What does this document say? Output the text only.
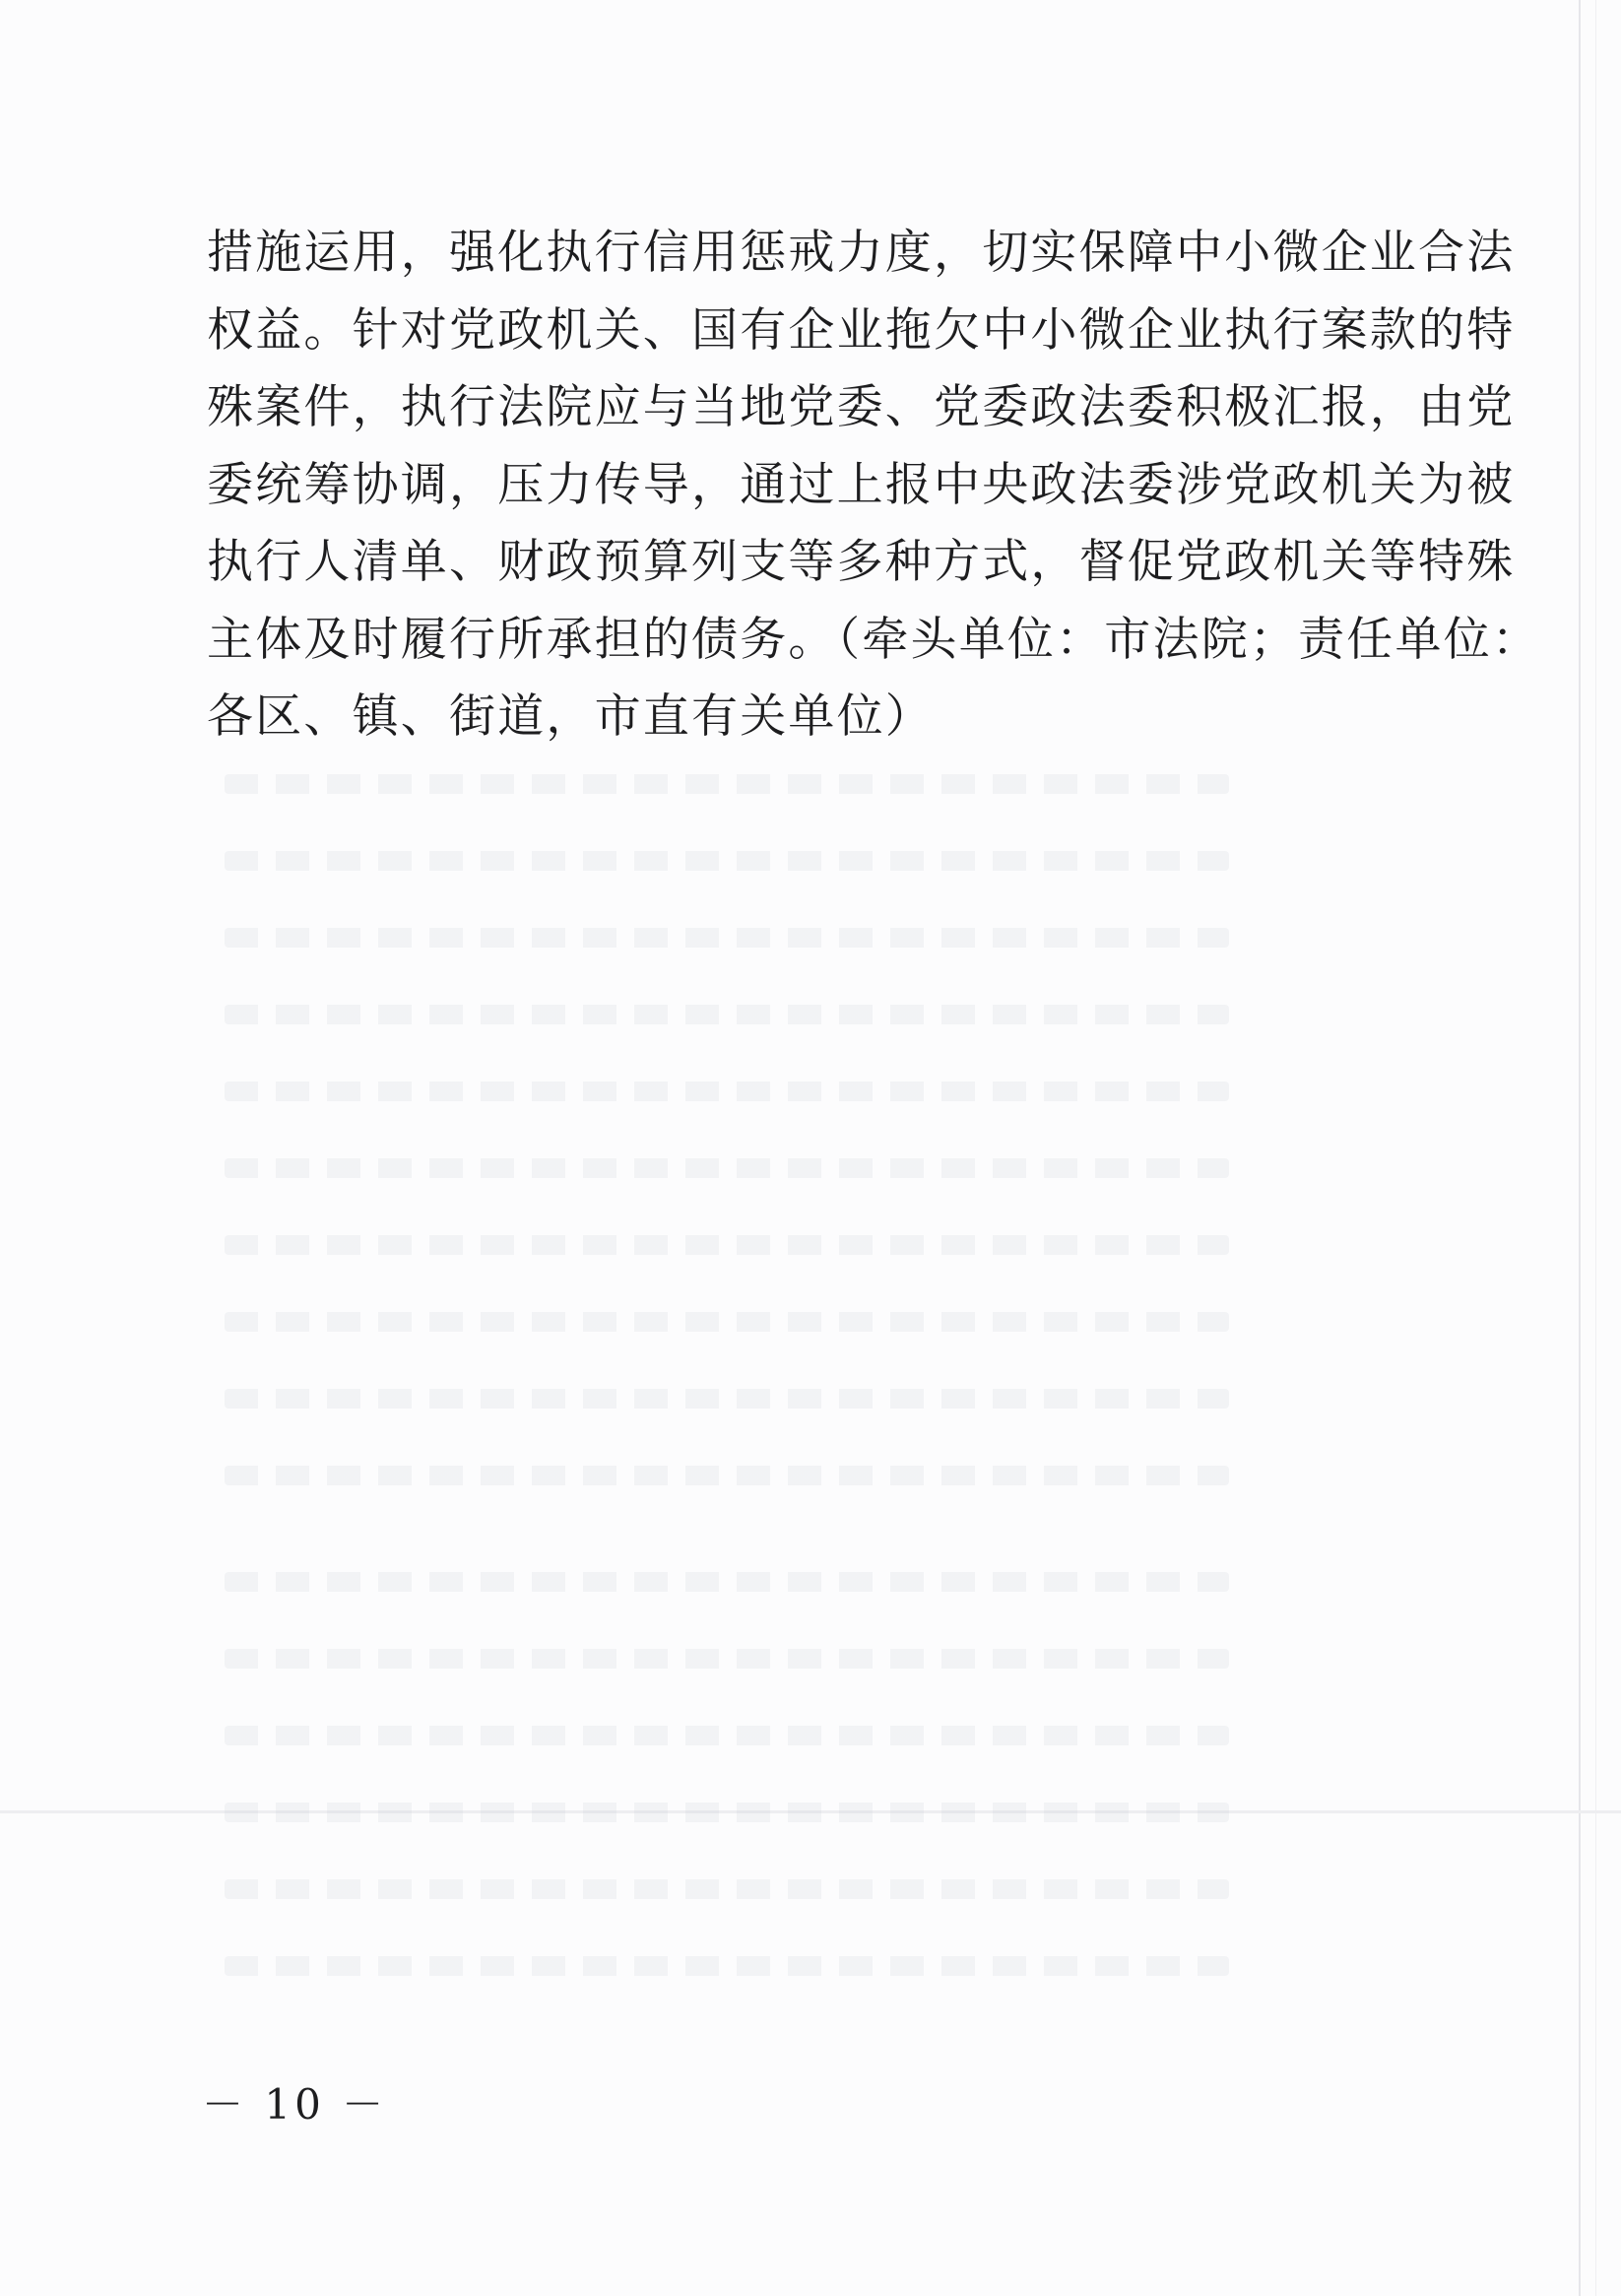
措施运用，强化执行信用惩戒力度，切实保障中小微企业合法
权益。针对党政机关、国有企业拖欠中小微企业执行案款的特
殊案件，执行法院应与当地党委、党委政法委积极汇报，由党
委统筹协调，压力传导，通过上报中央政法委涉党政机关为被
执行人清单、财政预算列支等多种方式，督促党政机关等特殊
主体及时履行所承担的债务。（牵头单位：市法院；责任单位：
各区、镇、街道，市直有关单位）

－ 10 －
